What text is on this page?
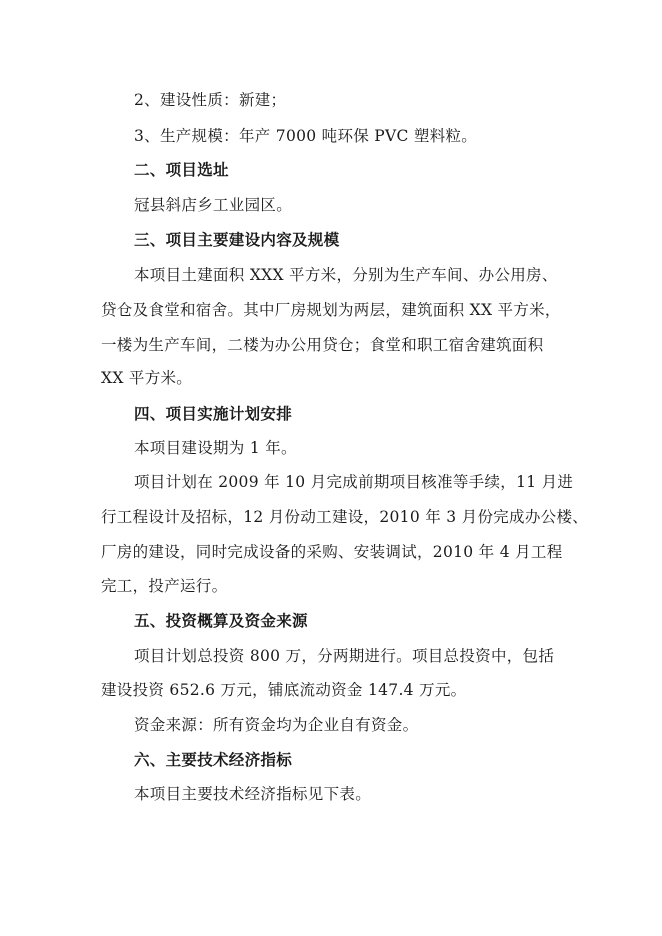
2、建设性质：新建；
3、生产规模：年产 7000 吨环保 PVC 塑料粒。
二、项目选址
冠县斜店乡工业园区。
三、项目主要建设内容及规模
本项目土建面积 XXX 平方米，分别为生产车间、办公用房、
贷仓及食堂和宿舍。其中厂房规划为两层，建筑面积 XX 平方米，
一楼为生产车间，二楼为办公用贷仓；食堂和职工宿舍建筑面积
XX 平方米。
四、项目实施计划安排
本项目建设期为 1 年。
项目计划在 2009 年 10 月完成前期项目核准等手续，11 月进
行工程设计及招标，12 月份动工建设，2010 年 3 月份完成办公楼、
厂房的建设，同时完成设备的采购、安装调试，2010 年 4 月工程
完工，投产运行。
五、投资概算及资金来源
项目计划总投资 800 万，分两期进行。项目总投资中，包括
建设投资 652.6 万元，铺底流动资金 147.4 万元。
资金来源：所有资金均为企业自有资金。
六、主要技术经济指标
本项目主要技术经济指标见下表。
